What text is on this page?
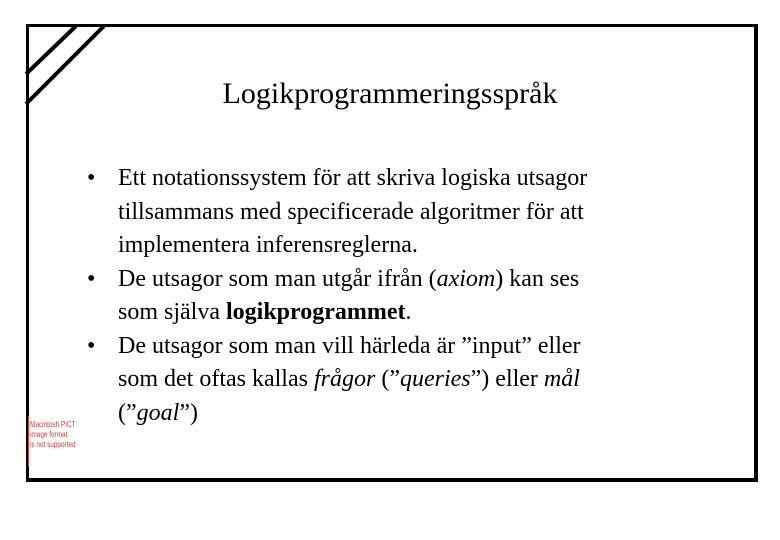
Logikprogrammeringsspråk
• Ett notationssystem för att skriva logiska utsagor
tillsammans med specificerade algoritmer för att
implementera inferensreglerna.
• De utsagor som man utgår ifrån (axiom) kan ses
som själva logikprogrammet.
• De utsagor som man vill härleda är ”input” eller
som det oftas kallas frågor (”queries”) eller mål
(”goal”)
Macintosh PICT
image format
is not supported
